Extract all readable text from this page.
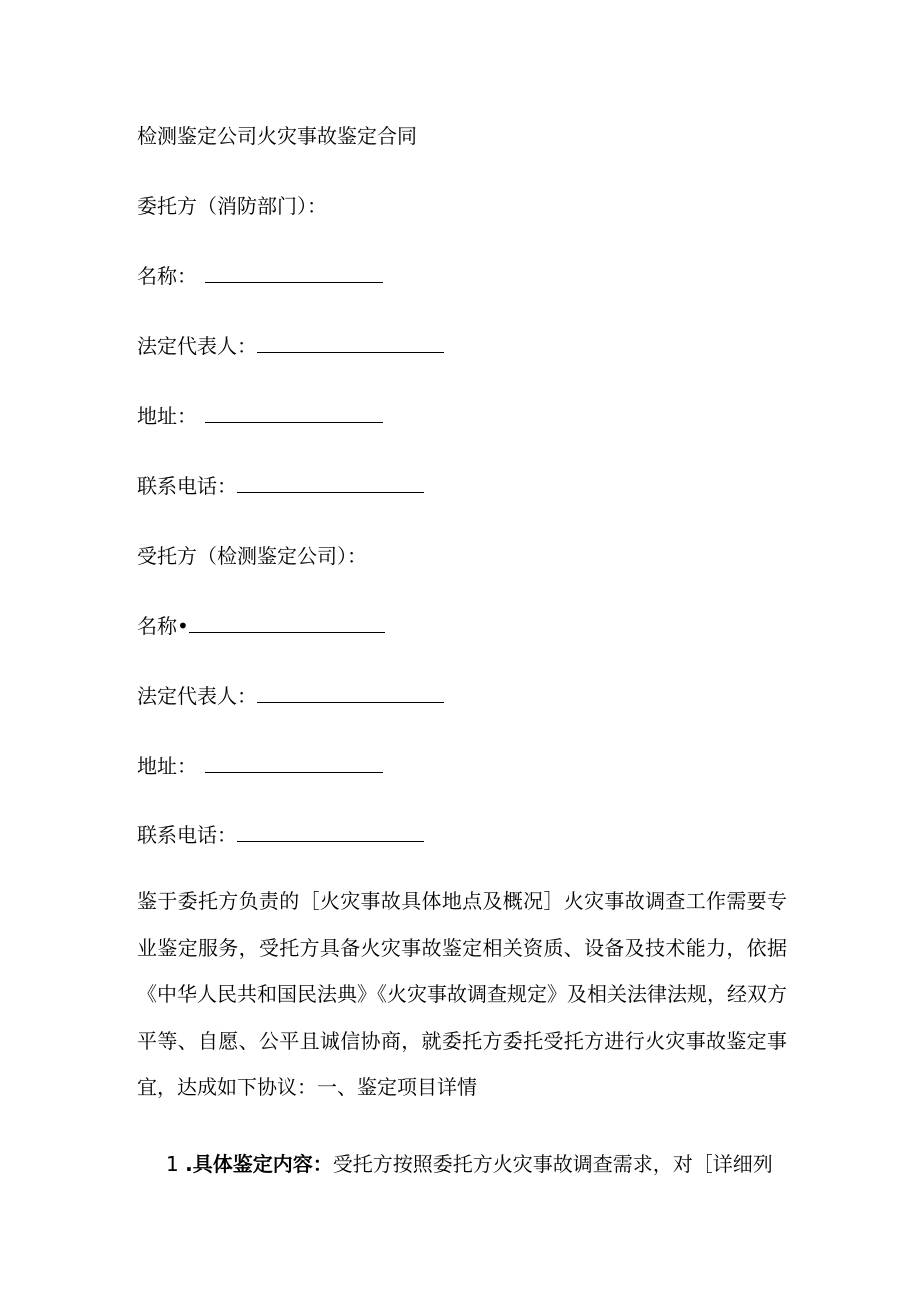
检测鉴定公司火灾事故鉴定合同
委托方（消防部门）：
名称：
法定代表人：
地址：
联系电话：
受托方（检测鉴定公司）：
名称•
法定代表人：
地址：
联系电话：
鉴于委托方负责的［火灾事故具体地点及概况］火灾事故调查工作需要专业鉴定服务，受托方具备火灾事故鉴定相关资质、设备及技术能力，依据《中华人民共和国民法典》《火灾事故调查规定》及相关法律法规，经双方平等、自愿、公平且诚信协商，就委托方委托受托方进行火灾事故鉴定事宜，达成如下协议：一、鉴定项目详情
1 .具体鉴定内容：受托方按照委托方火灾事故调查需求，对［详细列
